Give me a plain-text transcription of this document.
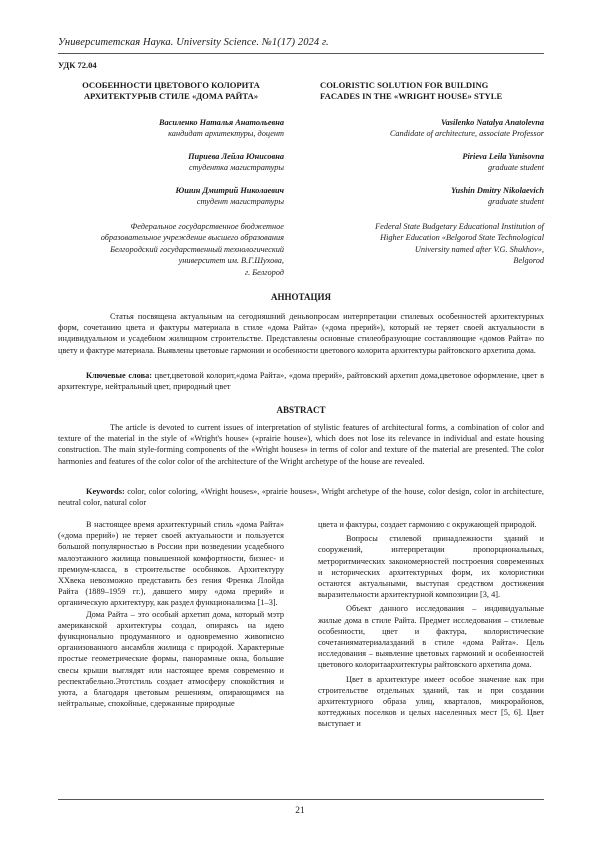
Университетская Наука. University Science. №1(17) 2024 г.
УДК 72.04
ОСОБЕННОСТИ ЦВЕТОВОГО КОЛОРИТА
АРХИТЕКТУРЫВ СТИЛЕ «ДОМА РАЙТА»
COLORISTIC SOLUTION FOR BUILDING
FACADES IN THE «WRIGHT HOUSE» STYLE
Василенко Наталья Анатольевна
кандидат архитектуры, доцент
Пириева Лейла Юнисовна
студентка магистратуры
Юшин Дмитрий Николаевич
студент магистратуры
Vasilenko Natalya Anatolevna
Candidate of architecture, associate Professor
Pirieva Leila Yunisovna
graduate student
Yushin Dmitry Nikolaevich
graduate student
Федеральное государственное бюджетное
образовательное учреждение высшего образования
Белгородский государственный технологический
университет им. В.Г.Шухова,
г. Белгород
Federal State Budgetary Educational Institution of
Higher Education «Belgorod State Technological
University named after V.G. Shukhov»,
Belgorod
АННОТАЦИЯ

Статья посвящена актуальным на сегодняшний деньвопросам интерпретации стилевых особенностей архитектурных форм, сочетанию цвета и фактуры материала в стиле «дома Райта» («дома прерий»), который не теряет своей актуальности в индивидуальном и усадебном жилищном строительстве. Представлены основные стилеобразующие составляющие «домов Райта» по цвету и фактуре материала. Выявлены цветовые гармонии и особенности цветового колорита архитектуры райтовского архетипа дома.

Ключевые слова: цвет,цветовой колорит,«дома Райта», «дома прерий», райтовский архетип дома,цветовое оформление, цвет в архитектуре, нейтральный цвет, природный цвет

ABSTRACT

The article is devoted to current issues of interpretation of stylistic features of architectural forms, a combination of color and texture of the material in the style of «Wright's house» («prairie house»), which does not lose its relevance in individual and estate housing construction. The main style-forming components of the «Wright houses» in terms of color and texture of the material are presented. The color harmonies and features of the color color of the architecture of the Wright archetype of the house are revealed.

Keywords: color, color coloring, «Wright houses», «prairie houses», Wright archetype of the house, color design, color in architecture, neutral color, natural color

В настоящее время архитектурный стиль «дома Райта» («дома прерий») не теряет своей актуальности и пользуется большой популярностью в России при возведении усадебного малоэтажного жилища повышенной комфортности, бизнес- и премиум-класса, в строительстве особняков. Архитектуру XXвека невозможно представить без гения Френка Ллойда Райта (1889–1959 гг.), давшего миру «дома прерий» и органическую архитектуру, как раздел функционализма [1–3].

Дома Райта – это особый архетип дома, который мэтр американской архитектуры создал, опираясь на идею функционально продуманного и одновременно живописно организованного ансамбля жилища с природой. Характерные простые геометрические формы, панорамные окна, большие свесы крыши выглядят или настоящее время современно и респектабельно.Этотстиль создает атмосферу спокойствия и уюта, а благодаря цветовым решениям, опирающимся на нейтральные, спокойные, сдержанные природные

цвета и фактуры, создает гармонию с окружающей природой.

Вопросы стилевой принадлежности зданий и сооружений, интерпретации пропорциональных, метроритмических закономерностей построения современных и исторических архитектурных форм, их колористики остаются актуальными, выступая средством достижения выразительности архитектурной композиции [3, 4].

Объект данного исследования – индивидуальные жилые дома в стиле Райта. Предмет исследования – стилевые особенности, цвет и фактура, колористические сочетанияматериалазданий в стиле «дома Райта». Цель исследования – выявление цветовых гармоний и особенностей цветового колоритаархитектуры райтовского архетипа дома.

Цвет в архитектуре имеет особое значение как при строительстве отдельных зданий, так и при создании архитектурного образа улиц, кварталов, микрорайонов, коттеджных поселков и целых населенных мест [5, 6]. Цвет выступает и

21
